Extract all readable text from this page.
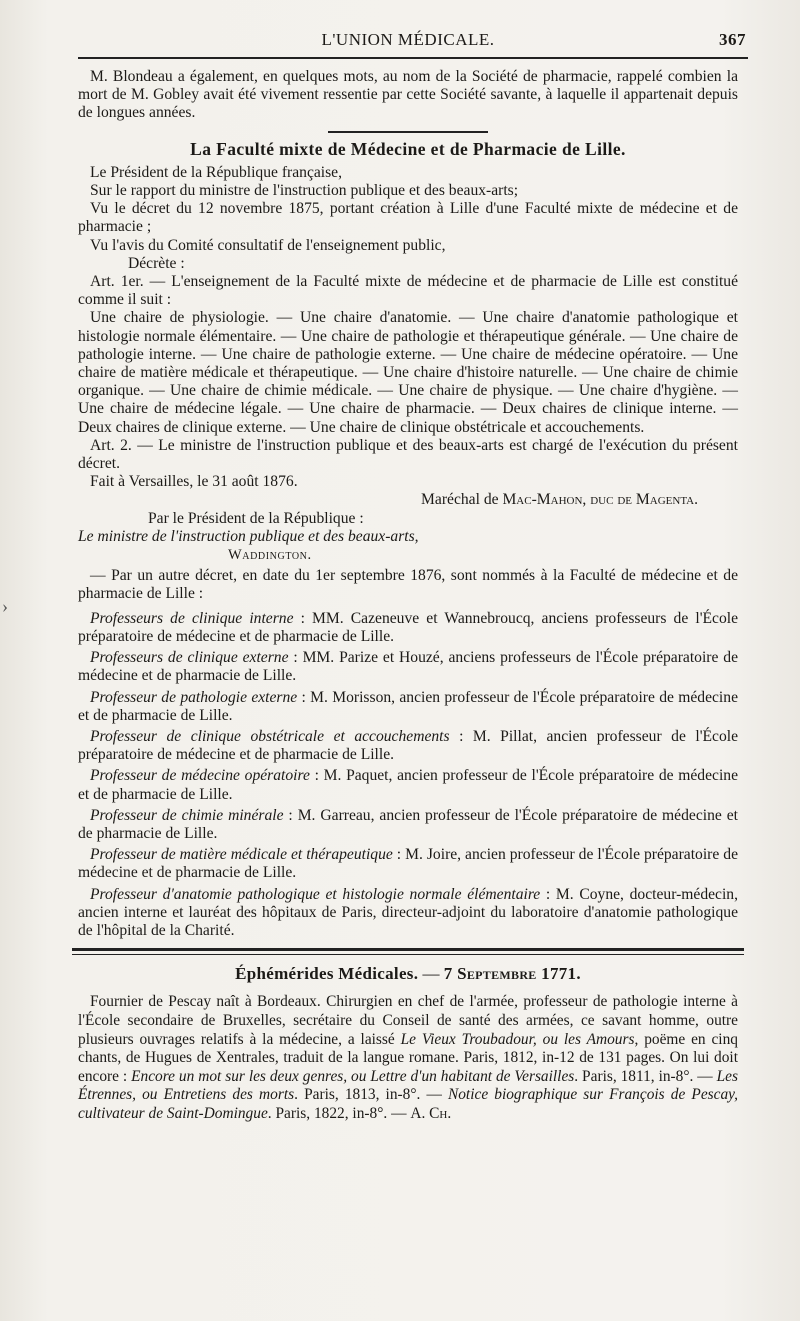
›
L'UNION MÉDICALE.	367

M. Blondeau a également, en quelques mots, au nom de la Société de pharmacie, rappelé combien la mort de M. Gobley avait été vivement ressentie par cette Société savante, à laquelle il appartenait depuis de longues années.

La Faculté mixte de Médecine et de Pharmacie de Lille.

Le Président de la République française,

Sur le rapport du ministre de l'instruction publique et des beaux-arts;

Vu le décret du 12 novembre 1875, portant création à Lille d'une Faculté mixte de médecine et de pharmacie ;

Vu l'avis du Comité consultatif de l'enseignement public,

Décrète :

Art. 1er. — L'enseignement de la Faculté mixte de médecine et de pharmacie de Lille est constitué comme il suit :

Une chaire de physiologie. — Une chaire d'anatomie. — Une chaire d'anatomie pathologique et histologie normale élémentaire. — Une chaire de pathologie et thérapeutique générale. — Une chaire de pathologie interne. — Une chaire de pathologie externe. — Une chaire de médecine opératoire. — Une chaire de matière médicale et thérapeutique. — Une chaire d'histoire naturelle. — Une chaire de chimie organique. — Une chaire de chimie médicale. — Une chaire de physique. — Une chaire d'hygiène. — Une chaire de médecine légale. — Une chaire de pharmacie. — Deux chaires de clinique interne. — Deux chaires de clinique externe. — Une chaire de clinique obstétricale et accouchements.

Art. 2. — Le ministre de l'instruction publique et des beaux-arts est chargé de l'exécution du présent décret.

Fait à Versailles, le 31 août 1876.

Maréchal de Mac-Mahon, duc de Magenta.

Par le Président de la République :

Le ministre de l'instruction publique et des beaux-arts,

Waddington.

— Par un autre décret, en date du 1er septembre 1876, sont nommés à la Faculté de médecine et de pharmacie de Lille :

Professeurs de clinique interne : MM. Cazeneuve et Wannebroucq, anciens professeurs de l'École préparatoire de médecine et de pharmacie de Lille.

Professeurs de clinique externe : MM. Parize et Houzé, anciens professeurs de l'École préparatoire de médecine et de pharmacie de Lille.

Professeur de pathologie externe : M. Morisson, ancien professeur de l'École préparatoire de médecine et de pharmacie de Lille.

Professeur de clinique obstétricale et accouchements : M. Pillat, ancien professeur de l'École préparatoire de médecine et de pharmacie de Lille.

Professeur de médecine opératoire : M. Paquet, ancien professeur de l'École préparatoire de médecine et de pharmacie de Lille.

Professeur de chimie minérale : M. Garreau, ancien professeur de l'École préparatoire de médecine et de pharmacie de Lille.

Professeur de matière médicale et thérapeutique : M. Joire, ancien professeur de l'École préparatoire de médecine et de pharmacie de Lille.

Professeur d'anatomie pathologique et histologie normale élémentaire : M. Coyne, docteur-médecin, ancien interne et lauréat des hôpitaux de Paris, directeur-adjoint du laboratoire d'anatomie pathologique de l'hôpital de la Charité.

Éphémérides Médicales. — 7 Septembre 1771.

Fournier de Pescay naît à Bordeaux. Chirurgien en chef de l'armée, professeur de pathologie interne à l'École secondaire de Bruxelles, secrétaire du Conseil de santé des armées, ce savant homme, outre plusieurs ouvrages relatifs à la médecine, a laissé Le Vieux Troubadour, ou les Amours, poëme en cinq chants, de Hugues de Xentrales, traduit de la langue romane. Paris, 1812, in-12 de 131 pages. On lui doit encore : Encore un mot sur les deux genres, ou Lettre d'un habitant de Versailles. Paris, 1811, in-8°. — Les Étrennes, ou Entretiens des morts. Paris, 1813, in-8°. — Notice biographique sur François de Pescay, cultivateur de Saint-Domingue. Paris, 1822, in-8°. — A. Ch.
